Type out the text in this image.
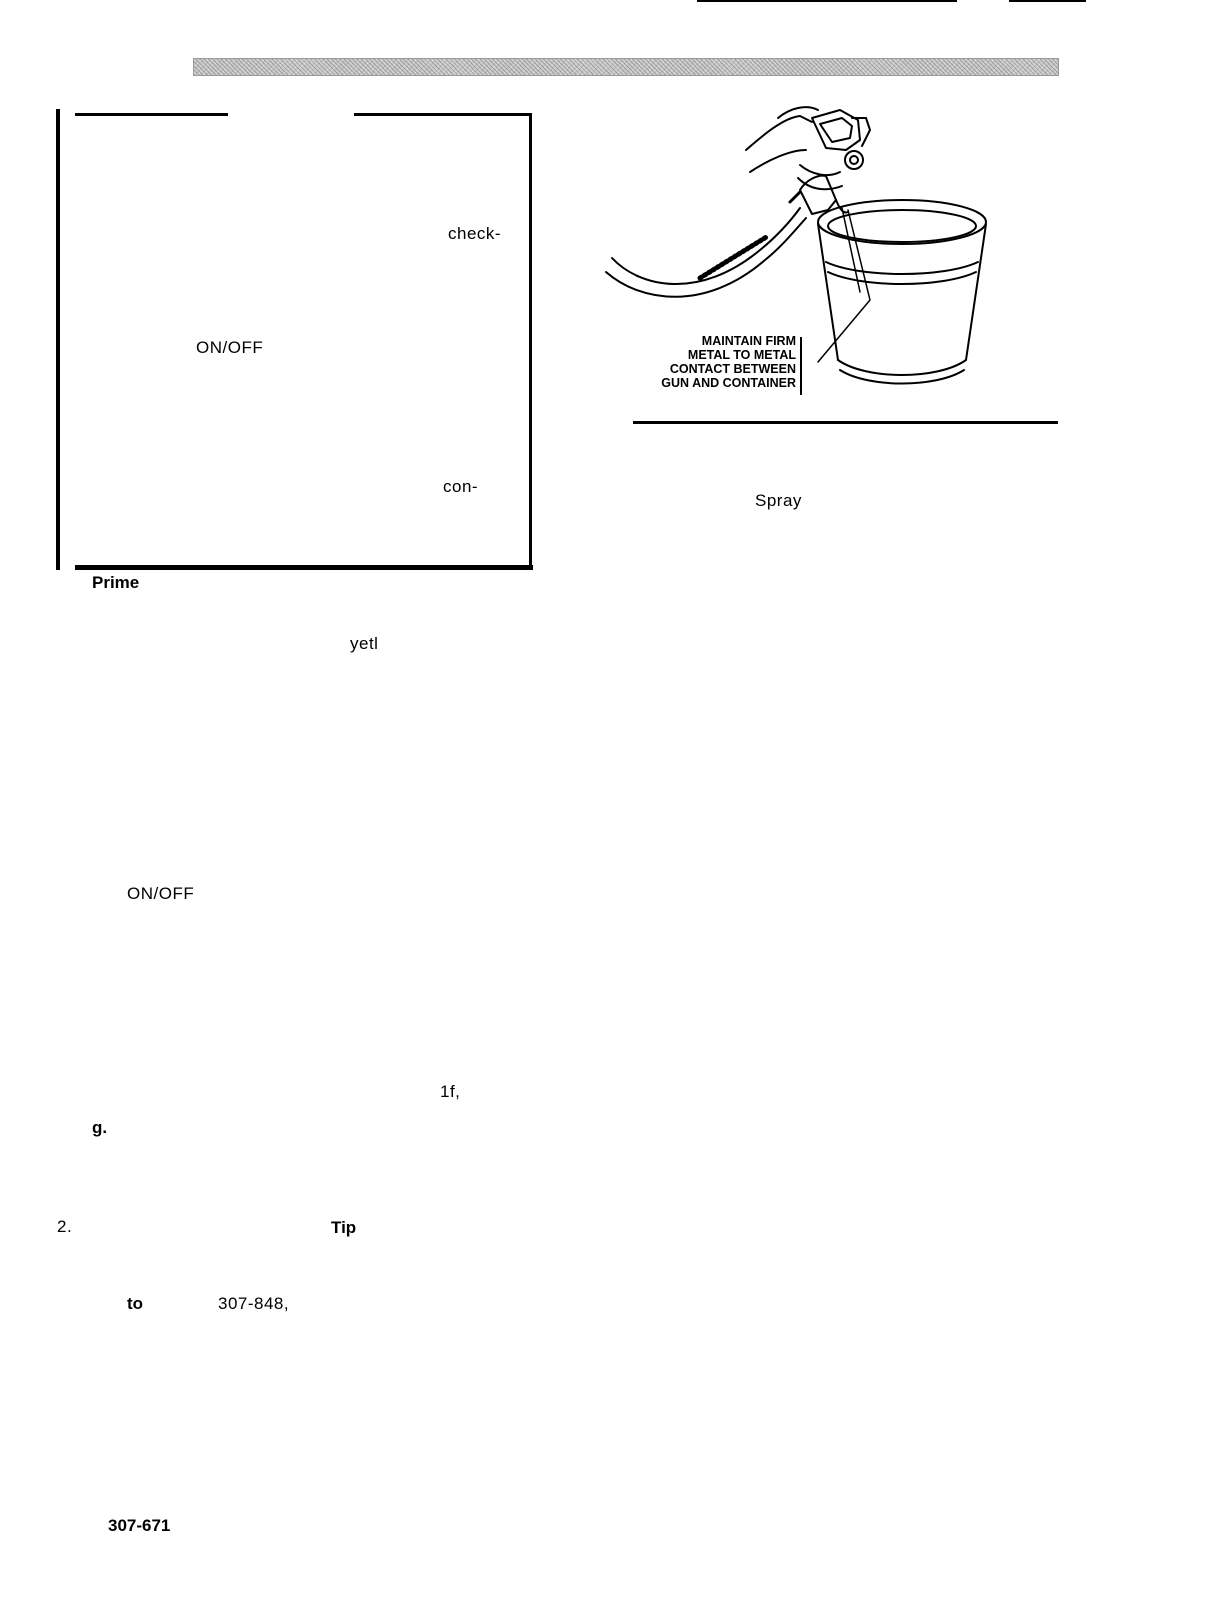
check-
ON/OFF
con-
MAINTAIN FIRM
METAL TO METAL
CONTACT BETWEEN
GUN AND CONTAINER
Spray
Prime
yetl
ON/OFF
1f,
g.
2.	Tip
to	307-848,
307-671
